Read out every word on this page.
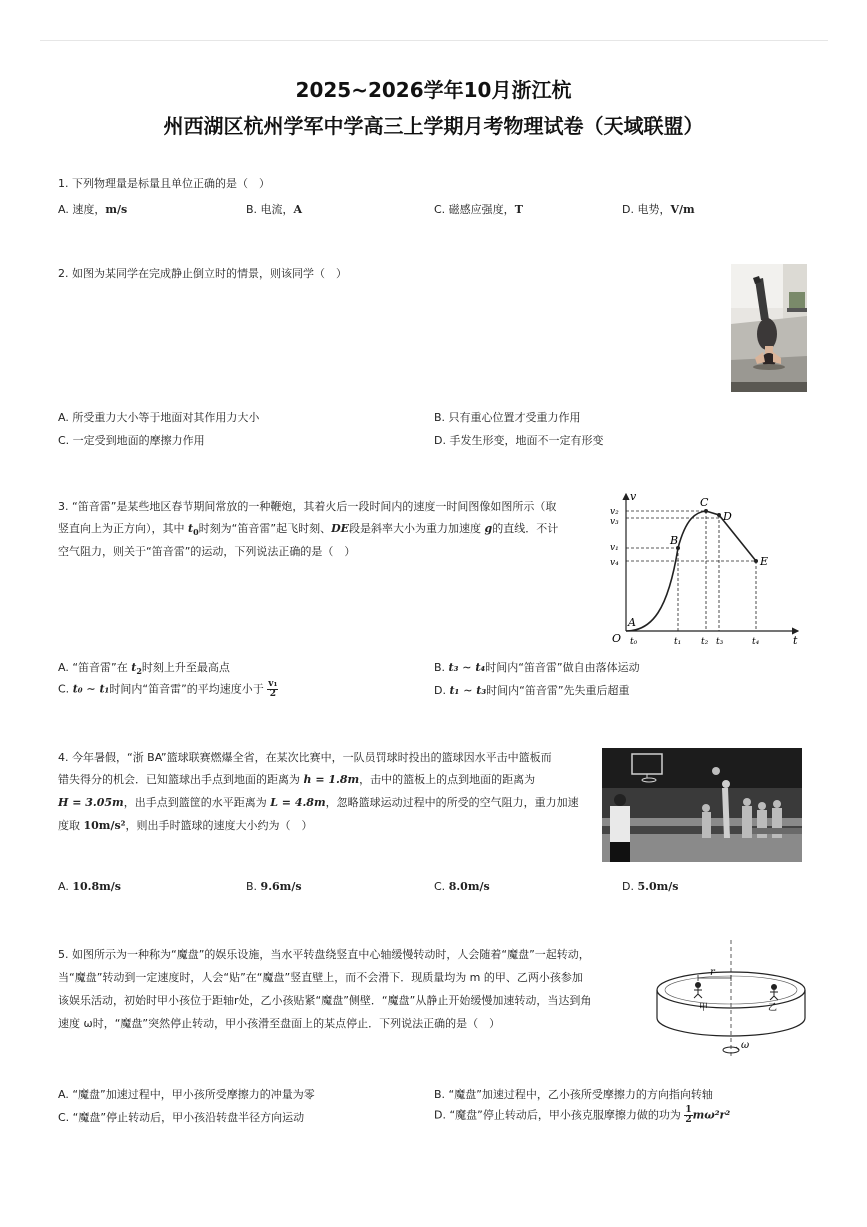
2025~2026学年10月浙江杭
州西湖区杭州学军中学高三上学期月考物理试卷（天域联盟）
1. 下列物理量是标量且单位正确的是（　）
A. 速度，m/s	B. 电流，A	C. 磁感应强度，T	D. 电势，V/m
2. 如图为某同学在完成静止倒立时的情景，则该同学（　）
A. 所受重力大小等于地面对其作用力大小	B. 只有重心位置才受重力作用
C. 一定受到地面的摩擦力作用	D. 手发生形变，地面不一定有形变
3. “笛音雷”是某些地区春节期间常放的一种鞭炮，其着火后一段时间内的速度一时间图像如图所示（取
竖直向上为正方向），其中 $t_0$时刻为“笛音雷”起飞时刻、DE段是斜率大小为重力加速度 g的直线．不计
空气阻力，则关于“笛音雷”的运动，下列说法正确的是（　）
v
t
O
A
B
C
D
E
v₂
v₃
v₁
v₄
t₀	t₁ t₂ t₃	t₄
A. “笛音雷”在 $t_2$时刻上升至最高点	B. t₃ ∼ t₄时间内“笛音雷”做自由落体运动
C. t₀ ∼ t₁时间内“笛音雷”的平均速度小于 $\frac{\text{v₁}}{2}$	D. t₁ ∼ t₃时间内“笛音雷”先失重后超重
4. 今年暑假，“浙 BA”篮球联赛燃爆全省，在某次比赛中，一队员罚球时投出的篮球因水平击中篮板而
错失得分的机会．已知篮球出手点到地面的距离为 h = 1.8m，击中的篮板上的点到地面的距离为
H = 3.05m，出手点到篮筐的水平距离为 L = 4.8m，忽略篮球运动过程中的所受的空气阻力，重力加速
度取 10m/s²，则出手时篮球的速度大小约为（　）
A. 10.8m/s	B. 9.6m/s	C. 8.0m/s	D. 5.0m/s
5. 如图所示为一种称为“魔盘”的娱乐设施，当水平转盘绕竖直中心轴缓慢转动时，人会随着“魔盘”一起转动，
当“魔盘”转动到一定速度时，人会“贴”在“魔盘”竖直壁上，而不会滑下．现质量均为 m 的甲、乙两小孩参加
该娱乐活动，初始时甲小孩位于距轴r处，乙小孩贴紧“魔盘”侧壁．“魔盘”从静止开始缓慢加速转动，当达到角
速度 ω时，“魔盘”突然停止转动，甲小孩滑至盘面上的某点停止．下列说法正确的是（　）
r
甲	乙
ω
A. “魔盘”加速过程中，甲小孩所受摩擦力的冲量为零	B. “魔盘”加速过程中，乙小孩所受摩擦力的方向指向转轴
C. “魔盘”停止转动后，甲小孩沿转盘半径方向运动	D. “魔盘”停止转动后，甲小孩克服摩擦力做的功为 $\frac{1}{2} m\omega^2r^2$
